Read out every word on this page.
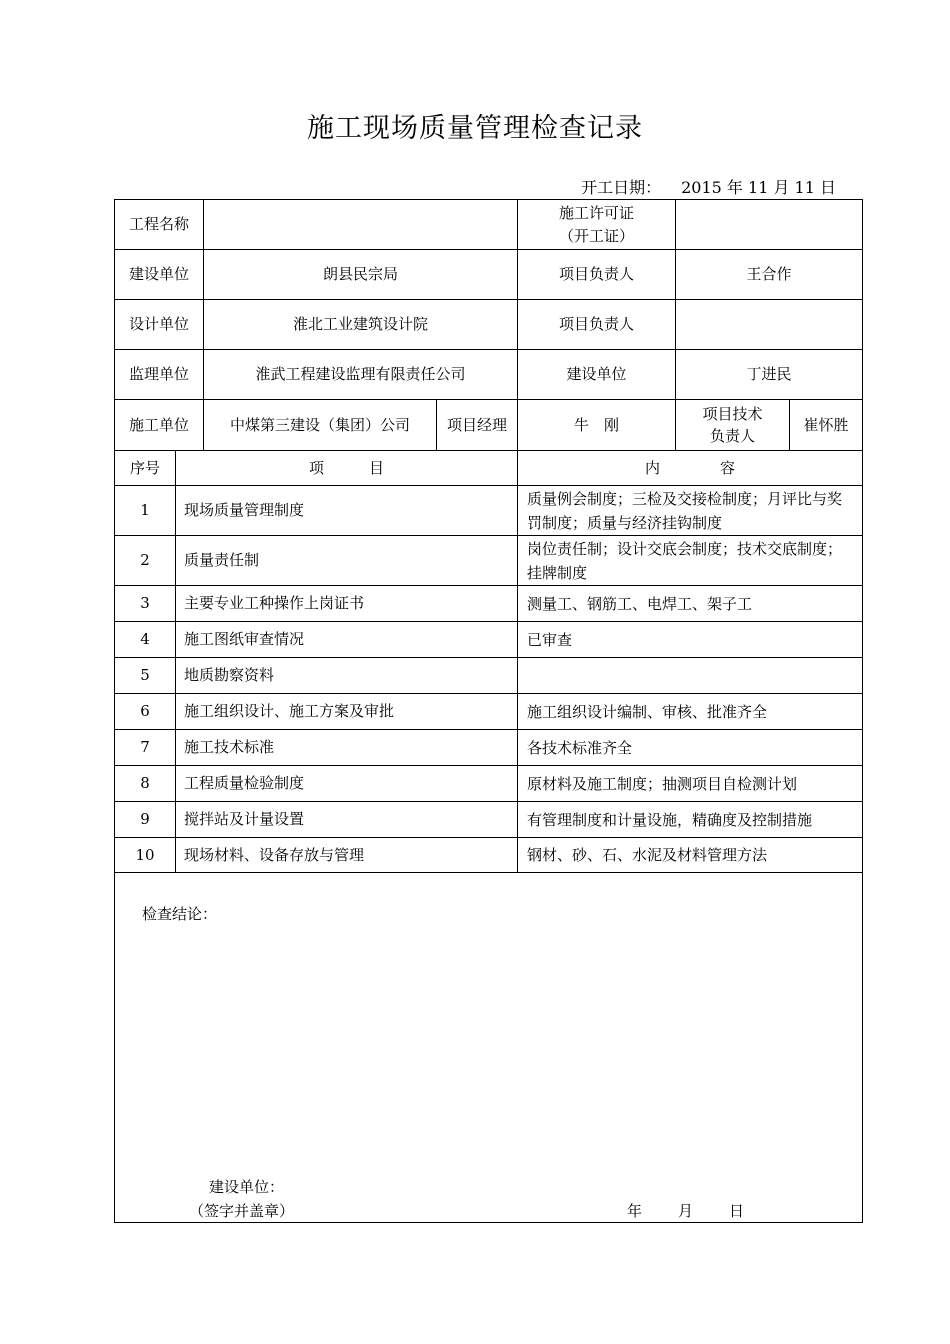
施工现场质量管理检查记录
开工日期： 2015 年 11 月 11 日
工程名称				施工许可证
（开工证）		

建设单位		朗县民宗局		项目负责人	王合作	
设计单位		淮北工业建筑设计院		项目负责人		
监理单位		淮武工程建设监理有限责任公司		建设单位	丁进民	
施工单位		中煤第三建设（集团）公司	项目经理	牛　刚	项目技术
负责人	崔怀胜
序号	项　　　目			内　　　　容		
1	现场质量管理制度			质量例会制度；三检及交接检制度；月评比与奖罚制度；质量与经济挂钩制度		
2	质量责任制			岗位责任制；设计交底会制度；技术交底制度；挂牌制度		
3	主要专业工种操作上岗证书			测量工、钢筋工、电焊工、架子工		
4	施工图纸审查情况			已审查		
5	地质勘察资料					
6	施工组织设计、施工方案及审批			施工组织设计编制、审核、批准齐全		
7	施工技术标准			各技术标准齐全		
8	工程质量检验制度			原材料及施工制度；抽测项目自检测计划		
9	搅拌站及计量设置			有管理制度和计量设施，精确度及控制措施		
10	现场材料、设备存放与管理			钢材、砂、石、水泥及材料管理方法		

检查结论：
建设单位：
（签字并盖章） 年 月 日						
